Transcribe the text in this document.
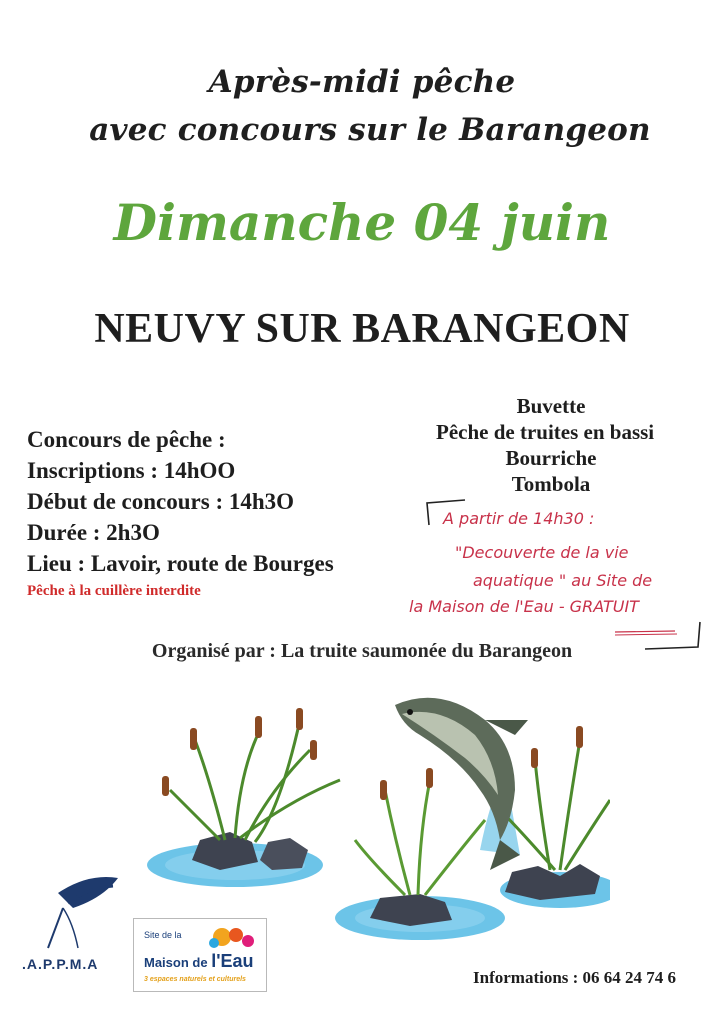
Après-midi pêche
avec concours sur le Barangeon
Dimanche 04 juin
NEUVY SUR BARANGEON
Concours de pêche :
Inscriptions : 14hOO
Début de concours : 14h3O
Durée : 2h3O
Lieu : Lavoir, route de Bourges
Pêche à la cuillère interdite
Buvette
Pêche de truites en bassi
Bourriche
Tombola
A partir de 14h30 :
"Decouverte de la vie
aquatique " au Site de
la Maison de l'Eau - GRATUIT
Organisé par : La truite saumonée du Barangeon
.A.P.P.M.A
Site de la
Maison de l'Eau
3 espaces naturels et culturels	Informations : 06 64 24 74 6
